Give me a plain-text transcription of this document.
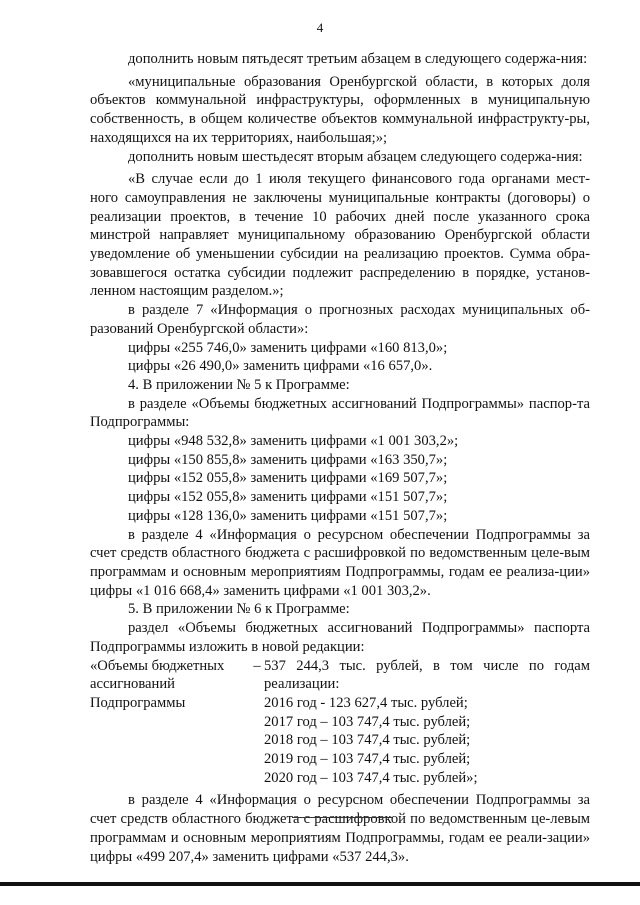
4

дополнить новым пятьдесят третьим абзацем в следующего содержа-ния:

«муниципальные образования Оренбургской области, в которых доля объектов коммунальной инфраструктуры, оформленных в муниципальную собственность, в общем количестве объектов коммунальной инфраструкту-ры, находящихся на их территориях, наибольшая;»;

дополнить новым шестьдесят вторым абзацем следующего содержа-ния:

«В случае если до 1 июля текущего финансового года органами мест-ного самоуправления не заключены муниципальные контракты (договоры) о реализации проектов, в течение 10 рабочих дней после указанного срока минстрой направляет муниципальному образованию Оренбургской области уведомление об уменьшении субсидии на реализацию проектов. Сумма обра-зовавшегося остатка субсидии подлежит распределению в порядке, установ-ленном настоящим разделом.»;

в разделе 7 «Информация о прогнозных расходах муниципальных об-разований Оренбургской области»:

цифры «255 746,0» заменить цифрами «160 813,0»;

цифры «26 490,0» заменить цифрами «16 657,0».

4. В приложении № 5 к Программе:

в разделе «Объемы бюджетных ассигнований Подпрограммы» паспор-та Подпрограммы:

цифры «948 532,8» заменить цифрами «1 001 303,2»;

цифры «150 855,8» заменить цифрами «163 350,7»;

цифры «152 055,8» заменить цифрами «169 507,7»;

цифры «152 055,8» заменить цифрами «151 507,7»;

цифры «128 136,0» заменить цифрами «151 507,7»;

в разделе 4 «Информация о ресурсном обеспечении Подпрограммы за счет средств областного бюджета с расшифровкой по ведомственным целе-вым программам и основным мероприятиям Подпрограммы, годам ее реализа-ции» цифры «1 016 668,4» заменить цифрами «1 001 303,2».

5. В приложении № 6 к Программе:

раздел «Объемы бюджетных ассигнований Подпрограммы» паспорта Подпрограммы изложить в новой редакции:

«Объемы бюджетных
ассигнований
Подпрограммы
– 537 244,3 тыс. рублей, в том числе по годам реализации:

2016 год - 123 627,4 тыс. рублей;
2017 год – 103 747,4 тыс. рублей;
2018 год – 103 747,4 тыс. рублей;
2019 год – 103 747,4 тыс. рублей;
2020 год – 103 747,4 тыс. рублей»;

в разделе 4 «Информация о ресурсном обеспечении Подпрограммы за счет средств областного бюджета с расшифровкой по ведомственным це-левым программам и основным мероприятиям Подпрограммы, годам ее реали-зации» цифры «499 207,4» заменить цифрами «537 244,3».
